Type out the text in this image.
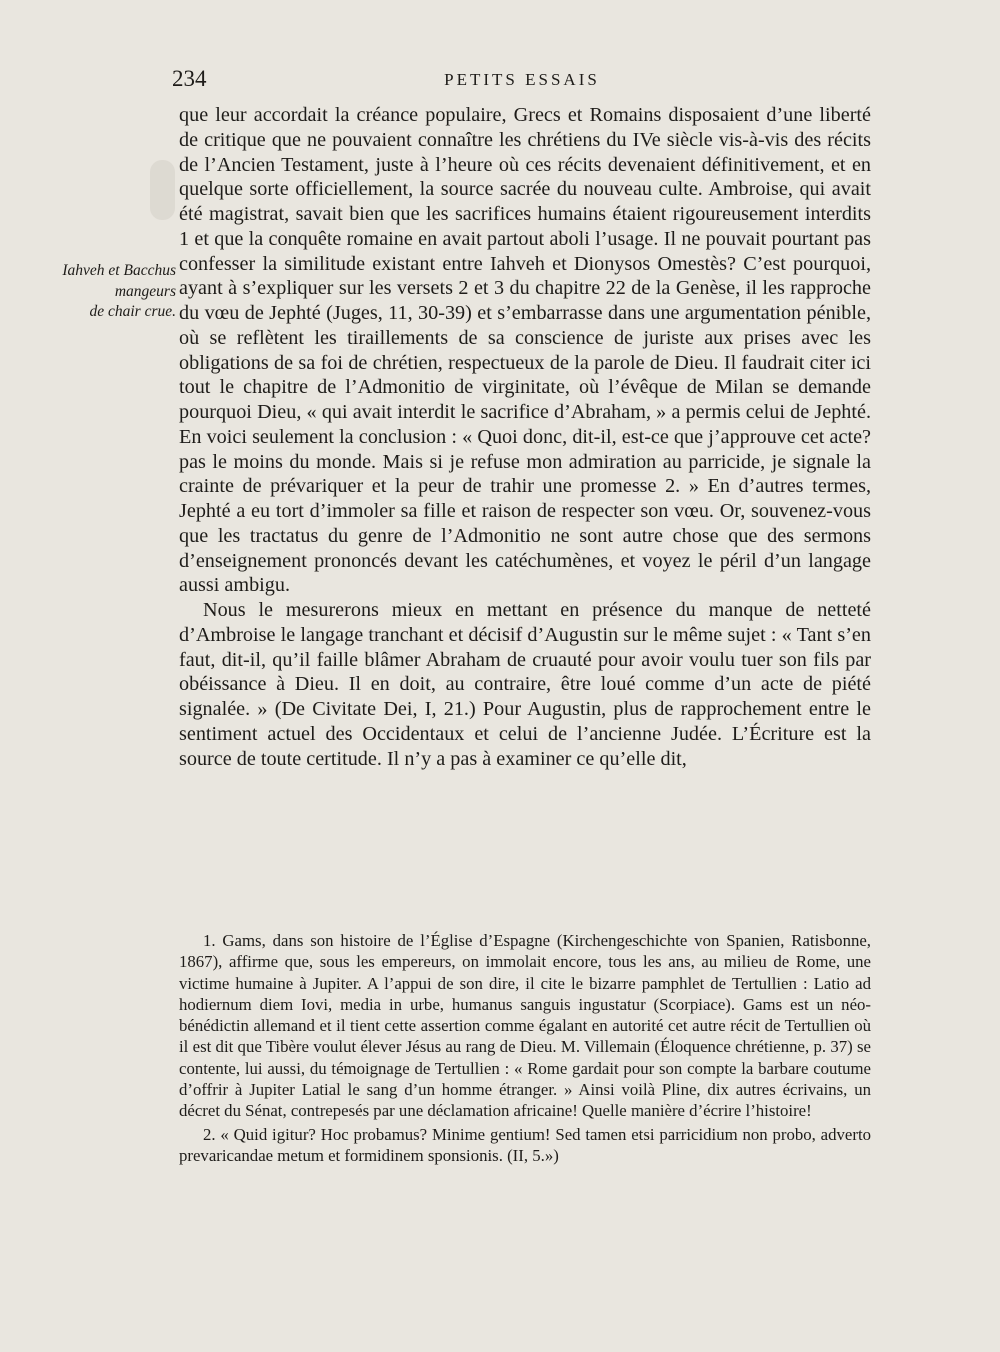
234	PETITS ESSAIS
Iahveh et Bacchus
mangeurs
de chair crue.

que leur accordait la créance populaire, Grecs et Romains disposaient d’une liberté de critique que ne pouvaient connaître les chrétiens du IVe siècle vis-à-vis des récits de l’Ancien Testament, juste à l’heure où ces récits devenaient définitivement, et en quelque sorte officiellement, la source sacrée du nouveau culte. Ambroise, qui avait été magistrat, savait bien que les sacrifices humains étaient rigoureusement interdits 1 et que la conquête romaine en avait partout aboli l’usage. Il ne pouvait pourtant pas confesser la similitude existant entre Iahveh et Dionysos Omestès? C’est pourquoi, ayant à s’expliquer sur les versets 2 et 3 du chapitre 22 de la Genèse, il les rapproche du vœu de Jephté (Juges, 11, 30-39) et s’embarrasse dans une argumentation pénible, où se reflètent les tiraillements de sa conscience de juriste aux prises avec les obligations de sa foi de chrétien, respectueux de la parole de Dieu. Il faudrait citer ici tout le chapitre de l’Admonitio de virginitate, où l’évêque de Milan se demande pourquoi Dieu, « qui avait interdit le sacrifice d’Abraham, » a permis celui de Jephté. En voici seulement la conclusion : « Quoi donc, dit-il, est-ce que j’approuve cet acte? pas le moins du monde. Mais si je refuse mon admiration au parricide, je signale la crainte de prévariquer et la peur de trahir une promesse 2. » En d’autres termes, Jephté a eu tort d’immoler sa fille et raison de respecter son vœu. Or, souvenez-vous que les tractatus du genre de l’Admonitio ne sont autre chose que des sermons d’enseignement prononcés devant les catéchumènes, et voyez le péril d’un langage aussi ambigu.

Nous le mesurerons mieux en mettant en présence du manque de netteté d’Ambroise le langage tranchant et décisif d’Augustin sur le même sujet : « Tant s’en faut, dit-il, qu’il faille blâmer Abraham de cruauté pour avoir voulu tuer son fils par obéissance à Dieu. Il en doit, au contraire, être loué comme d’un acte de piété signalée. » (De Civitate Dei, I, 21.) Pour Augustin, plus de rapprochement entre le sentiment actuel des Occidentaux et celui de l’ancienne Judée. L’Écriture est la source de toute certitude. Il n’y a pas à examiner ce qu’elle dit,

1. Gams, dans son histoire de l’Église d’Espagne (Kirchengeschichte von Spanien, Ratisbonne, 1867), affirme que, sous les empereurs, on immolait encore, tous les ans, au milieu de Rome, une victime humaine à Jupiter. A l’appui de son dire, il cite le bizarre pamphlet de Tertullien : Latio ad hodiernum diem Iovi, media in urbe, humanus sanguis ingustatur (Scorpiace). Gams est un néo-bénédictin allemand et il tient cette assertion comme égalant en autorité cet autre récit de Tertullien où il est dit que Tibère voulut élever Jésus au rang de Dieu. M. Villemain (Éloquence chrétienne, p. 37) se contente, lui aussi, du témoignage de Tertullien : « Rome gardait pour son compte la barbare coutume d’offrir à Jupiter Latial le sang d’un homme étranger. » Ainsi voilà Pline, dix autres écrivains, un décret du Sénat, contrepesés par une déclamation africaine! Quelle manière d’écrire l’histoire!

2. « Quid igitur? Hoc probamus? Minime gentium! Sed tamen etsi parricidium non probo, adverto prevaricandae metum et formidinem sponsionis. (II, 5.»)
